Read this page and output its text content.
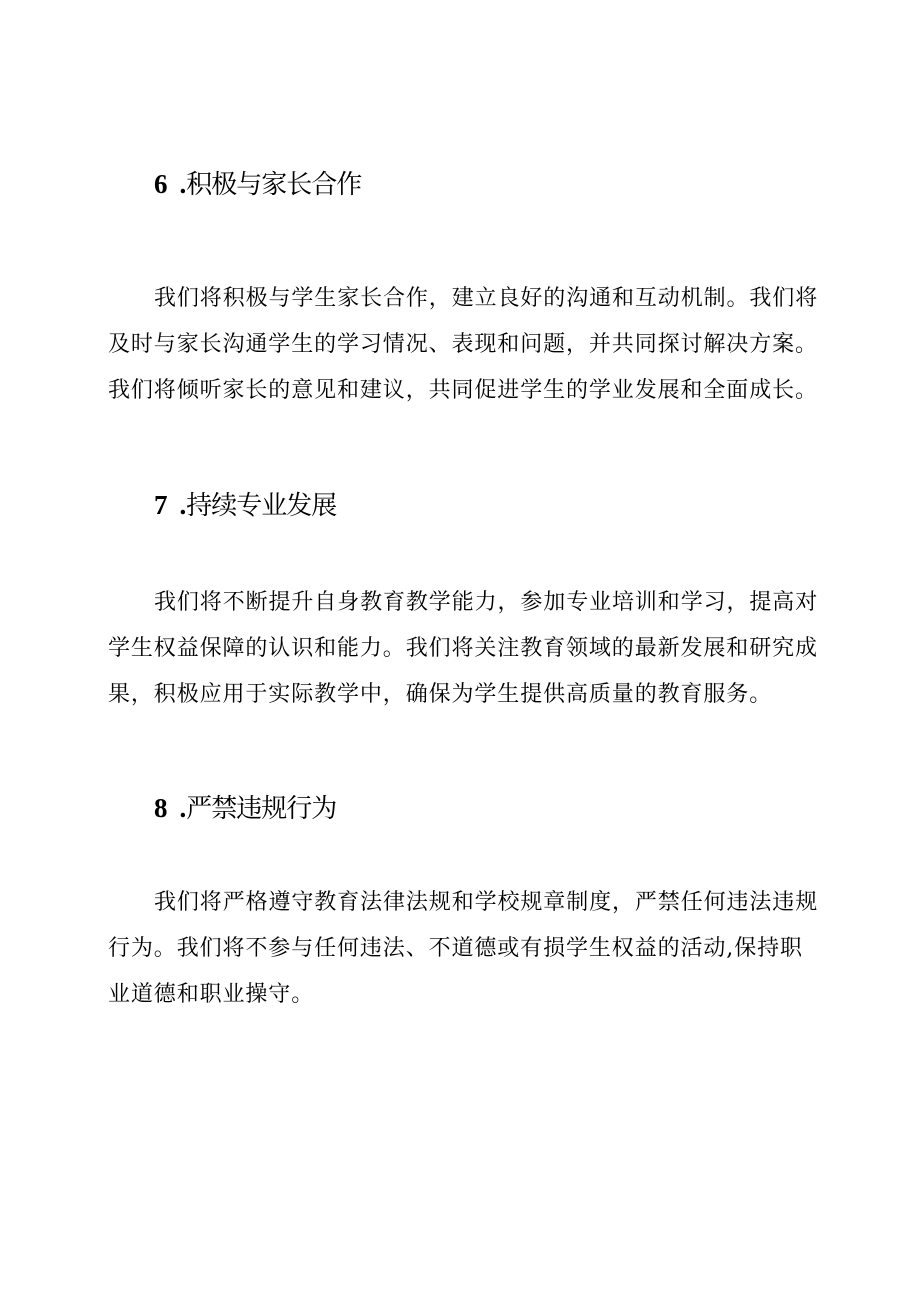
6 .积极与家长合作
我们将积极与学生家长合作，建立良好的沟通和互动机制。我们将
及时与家长沟通学生的学习情况、表现和问题，并共同探讨解决方案。
我们将倾听家长的意见和建议，共同促进学生的学业发展和全面成长。
7 .持续专业发展
我们将不断提升自身教育教学能力，参加专业培训和学习，提高对
学生权益保障的认识和能力。我们将关注教育领域的最新发展和研究成
果，积极应用于实际教学中，确保为学生提供高质量的教育服务。
8 .严禁违规行为
我们将严格遵守教育法律法规和学校规章制度，严禁任何违法违规
行为。我们将不参与任何违法、不道德或有损学生权益的活动,保持职
业道德和职业操守。
